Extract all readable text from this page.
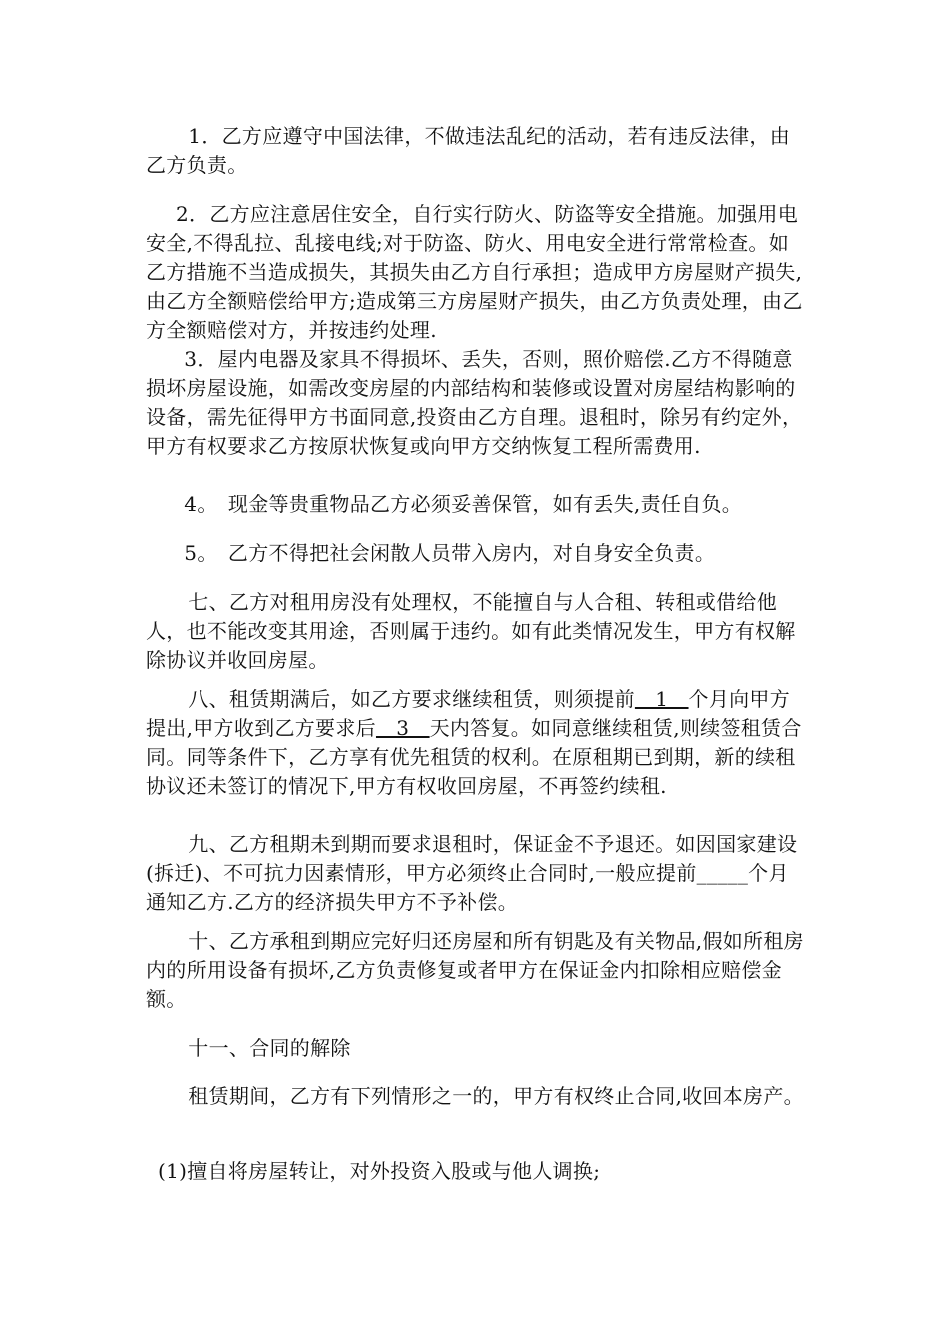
　1．乙方应遵守中国法律，不做违法乱纪的活动，若有违反法律，由乙方负责。

2．乙方应注意居住安全，自行实行防火、防盗等安全措施。加强用电安全,不得乱拉、乱接电线;对于防盗、防火、用电安全进行常常检查。如乙方措施不当造成损失，其损失由乙方自行承担；造成甲方房屋财产损失,由乙方全额赔偿给甲方;造成第三方房屋财产损失，由乙方负责处理，由乙方全额赔偿对方，并按违约处理.

　3．屋内电器及家具不得损坏、丢失，否则，照价赔偿.乙方不得随意损坏房屋设施，如需改变房屋的内部结构和装修或设置对房屋结构影响的设备，需先征得甲方书面同意,投资由乙方自理。退租时，除另有约定外，甲方有权要求乙方按原状恢复或向甲方交纳恢复工程所需费用.

　4。　现金等贵重物品乙方必须妥善保管，如有丢失,责任自负。

　5。　乙方不得把社会闲散人员带入房内，对自身安全负责。

　七、乙方对租用房没有处理权，不能擅自与人合租、转租或借给他人，也不能改变其用途，否则属于违约。如有此类情况发生，甲方有权解除协议并收回房屋。

　八、租赁期满后，如乙方要求继续租赁，则须提前　1　个月向甲方提出,甲方收到乙方要求后　3　天内答复。如同意继续租赁,则续签租赁合同。同等条件下，乙方享有优先租赁的权利。在原租期已到期，新的续租协议还未签订的情况下,甲方有权收回房屋，不再签约续租.

　九、乙方租期未到期而要求退租时，保证金不予退还。如因国家建设(拆迁)、不可抗力因素情形，甲方必须终止合同时,一般应提前_____个月通知乙方.乙方的经济损失甲方不予补偿。

　十、乙方承租到期应完好归还房屋和所有钥匙及有关物品,假如所租房内的所用设备有损坏,乙方负责修复或者甲方在保证金内扣除相应赔偿金额。

　十一、合同的解除

　租赁期间，乙方有下列情形之一的，甲方有权终止合同,收回本房产。

(1)擅自将房屋转让，对外投资入股或与他人调换;
